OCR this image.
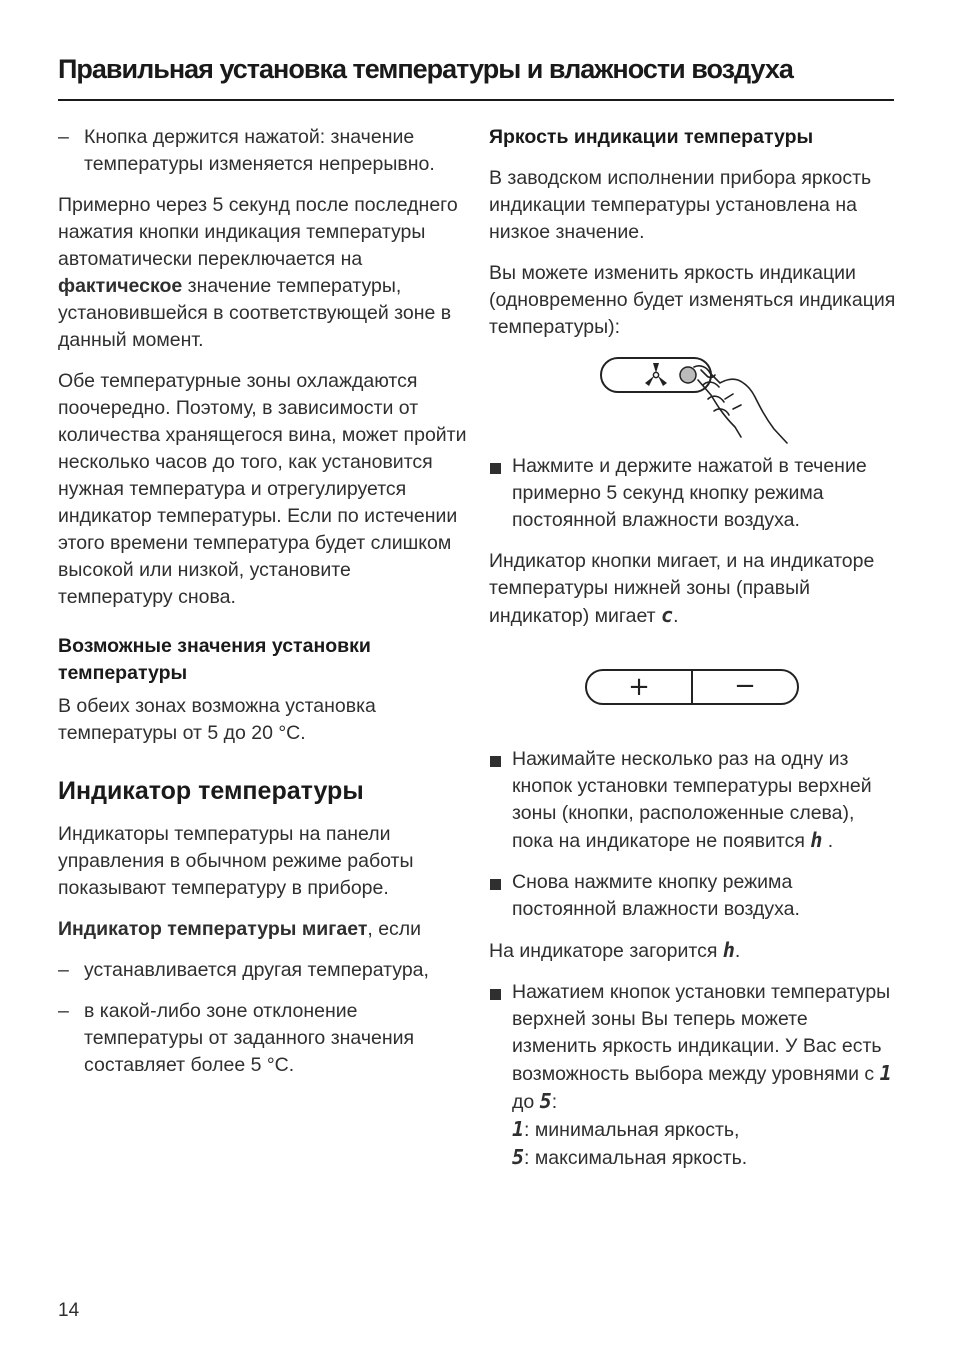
Правильная установка температуры и влажности воздуха
– Кнопка держится нажатой: значение температуры изменяется непрерывно.

Примерно через 5 секунд после последнего нажатия кнопки индикация температуры автоматически переключается на фактическое значение температуры, установившейся в соответствующей зоне в данный момент.

Обе температурные зоны охлаждаются поочередно. Поэтому, в зависимости от количества хранящегося вина, может пройти несколько часов до того, как установится нужная температура и отрегулируется индикатор температуры. Если по истечении этого времени температура будет слишком высокой или низкой, установите температуру снова.

Возможные значения установки температуры

В обеих зонах возможна установка температуры от 5 до 20 °C.

Индикатор температуры

Индикаторы температуры на панели управления в обычном режиме работы показывают температуру в приборе.

Индикатор температуры мигает, если

– устанавливается другая температура,
– в какой-либо зоне отклонение температуры от заданного значения составляет более 5 °C.
Яркость индикации температуры

В заводском исполнении прибора яркость индикации температуры установлена на низкое значение.

Вы можете изменить яркость индикации (одновременно будет изменяться индикация температуры):

Нажмите и держите нажатой в течение примерно 5 секунд кнопку режима постоянной влажности воздуха.

Индикатор кнопки мигает, и на индикаторе температуры нижней зоны (правый индикатор) мигает c.

+	−
Нажимайте несколько раз на одну из кнопок установки температуры верхней зоны (кнопки, расположенные слева), пока на индикаторе не появится h .
Снова нажмите кнопку режима постоянной влажности воздуха.

На индикаторе загорится h.

Нажатием кнопок установки температуры верхней зоны Вы теперь можете изменить яркость индикации. У Вас есть возможность выбора между уровнями с 1 до 5:
1: минимальная яркость,
5: максимальная яркость.
14
